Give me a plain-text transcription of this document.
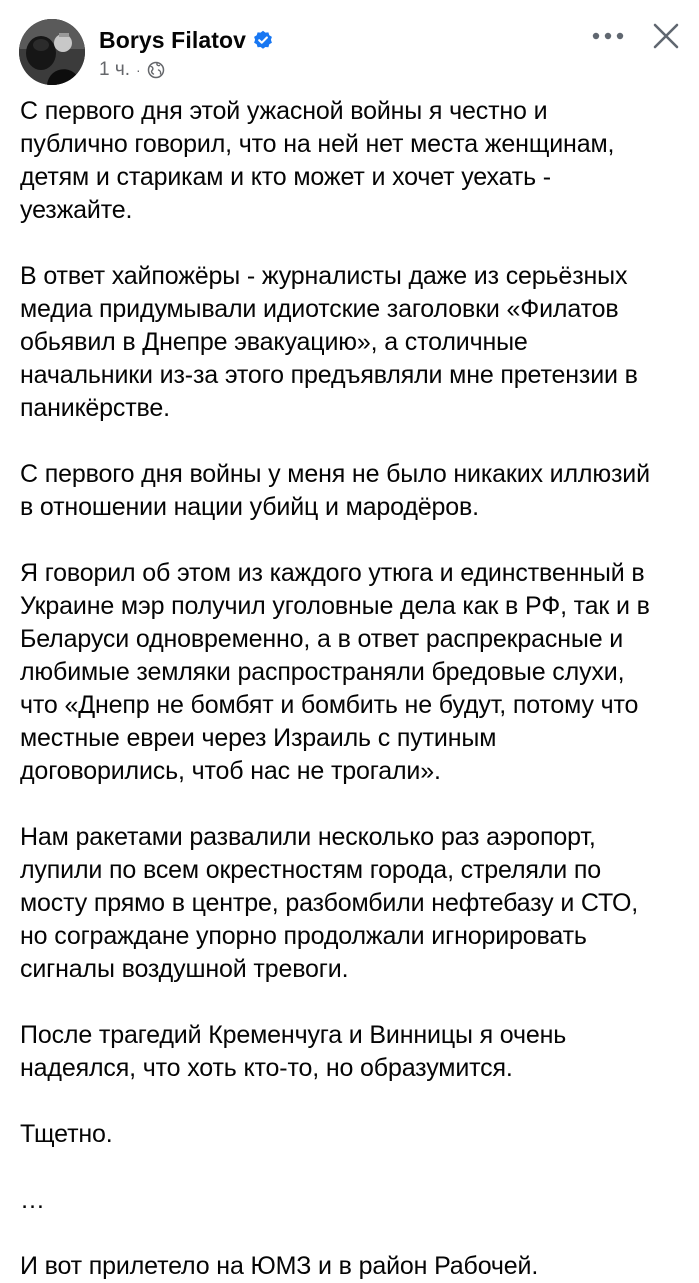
Borys Filatov
1 ч. ·

С первого дня этой ужасной войны я честно и
публично говорил, что на ней нет места женщинам,
детям и старикам и кто может и хочет уехать -
уезжайте.

В ответ хайпожёры - журналисты даже из серьёзных
медиа придумывали идиотские заголовки «Филатов
обьявил в Днепре эвакуацию», а столичные
начальники из-за этого предъявляли мне претензии в
паникёрстве.

С первого дня войны у меня не было никаких иллюзий
в отношении нации убийц и мародёров.

Я говорил об этом из каждого утюга и единственный в
Украине мэр получил уголовные дела как в РФ, так и в
Беларуси одновременно, а в ответ распрекрасные и
любимые земляки распространяли бредовые слухи,
что «Днепр не бомбят и бомбить не будут, потому что
местные евреи через Израиль с путиным
договорились, чтоб нас не трогали».

Нам ракетами развалили несколько раз аэропорт,
лупили по всем окрестностям города, стреляли по
мосту прямо в центре, разбомбили нефтебазу и СТО,
но сограждане упорно продолжали игнорировать
сигналы воздушной тревоги.

После трагедий Кременчуга и Винницы я очень
надеялся, что хоть кто-то, но образумится.

Тщетно.

…

И вот прилетело на ЮМЗ и в район Рабочей.
